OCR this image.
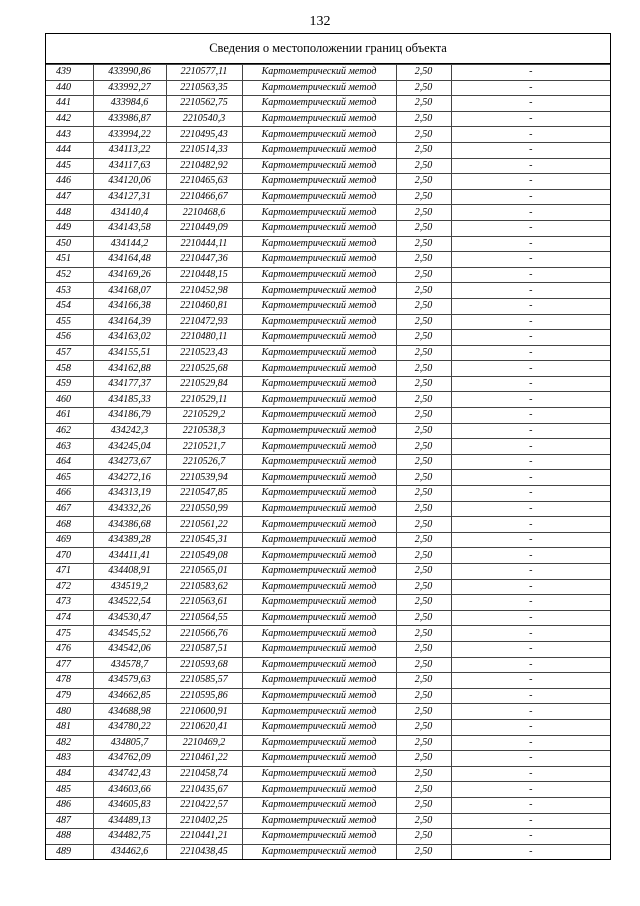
132
Сведения о местоположении границ объекта
439	433990,86	2210577,11	Картометрический метод	2,50	-
440	433992,27	2210563,35	Картометрический метод	2,50	-
441	433984,6	2210562,75	Картометрический метод	2,50	-
442	433986,87	2210540,3	Картометрический метод	2,50	-
443	433994,22	2210495,43	Картометрический метод	2,50	-
444	434113,22	2210514,33	Картометрический метод	2,50	-
445	434117,63	2210482,92	Картометрический метод	2,50	-
446	434120,06	2210465,63	Картометрический метод	2,50	-
447	434127,31	2210466,67	Картометрический метод	2,50	-
448	434140,4	2210468,6	Картометрический метод	2,50	-
449	434143,58	2210449,09	Картометрический метод	2,50	-
450	434144,2	2210444,11	Картометрический метод	2,50	-
451	434164,48	2210447,36	Картометрический метод	2,50	-
452	434169,26	2210448,15	Картометрический метод	2,50	-
453	434168,07	2210452,98	Картометрический метод	2,50	-
454	434166,38	2210460,81	Картометрический метод	2,50	-
455	434164,39	2210472,93	Картометрический метод	2,50	-
456	434163,02	2210480,11	Картометрический метод	2,50	-
457	434155,51	2210523,43	Картометрический метод	2,50	-
458	434162,88	2210525,68	Картометрический метод	2,50	-
459	434177,37	2210529,84	Картометрический метод	2,50	-
460	434185,33	2210529,11	Картометрический метод	2,50	-
461	434186,79	2210529,2	Картометрический метод	2,50	-
462	434242,3	2210538,3	Картометрический метод	2,50	-
463	434245,04	2210521,7	Картометрический метод	2,50	-
464	434273,67	2210526,7	Картометрический метод	2,50	-
465	434272,16	2210539,94	Картометрический метод	2,50	-
466	434313,19	2210547,85	Картометрический метод	2,50	-
467	434332,26	2210550,99	Картометрический метод	2,50	-
468	434386,68	2210561,22	Картометрический метод	2,50	-
469	434389,28	2210545,31	Картометрический метод	2,50	-
470	434411,41	2210549,08	Картометрический метод	2,50	-
471	434408,91	2210565,01	Картометрический метод	2,50	-
472	434519,2	2210583,62	Картометрический метод	2,50	-
473	434522,54	2210563,61	Картометрический метод	2,50	-
474	434530,47	2210564,55	Картометрический метод	2,50	-
475	434545,52	2210566,76	Картометрический метод	2,50	-
476	434542,06	2210587,51	Картометрический метод	2,50	-
477	434578,7	2210593,68	Картометрический метод	2,50	-
478	434579,63	2210585,57	Картометрический метод	2,50	-
479	434662,85	2210595,86	Картометрический метод	2,50	-
480	434688,98	2210600,91	Картометрический метод	2,50	-
481	434780,22	2210620,41	Картометрический метод	2,50	-
482	434805,7	2210469,2	Картометрический метод	2,50	-
483	434762,09	2210461,22	Картометрический метод	2,50	-
484	434742,43	2210458,74	Картометрический метод	2,50	-
485	434603,66	2210435,67	Картометрический метод	2,50	-
486	434605,83	2210422,57	Картометрический метод	2,50	-
487	434489,13	2210402,25	Картометрический метод	2,50	-
488	434482,75	2210441,21	Картометрический метод	2,50	-
489	434462,6	2210438,45	Картометрический метод	2,50	-
